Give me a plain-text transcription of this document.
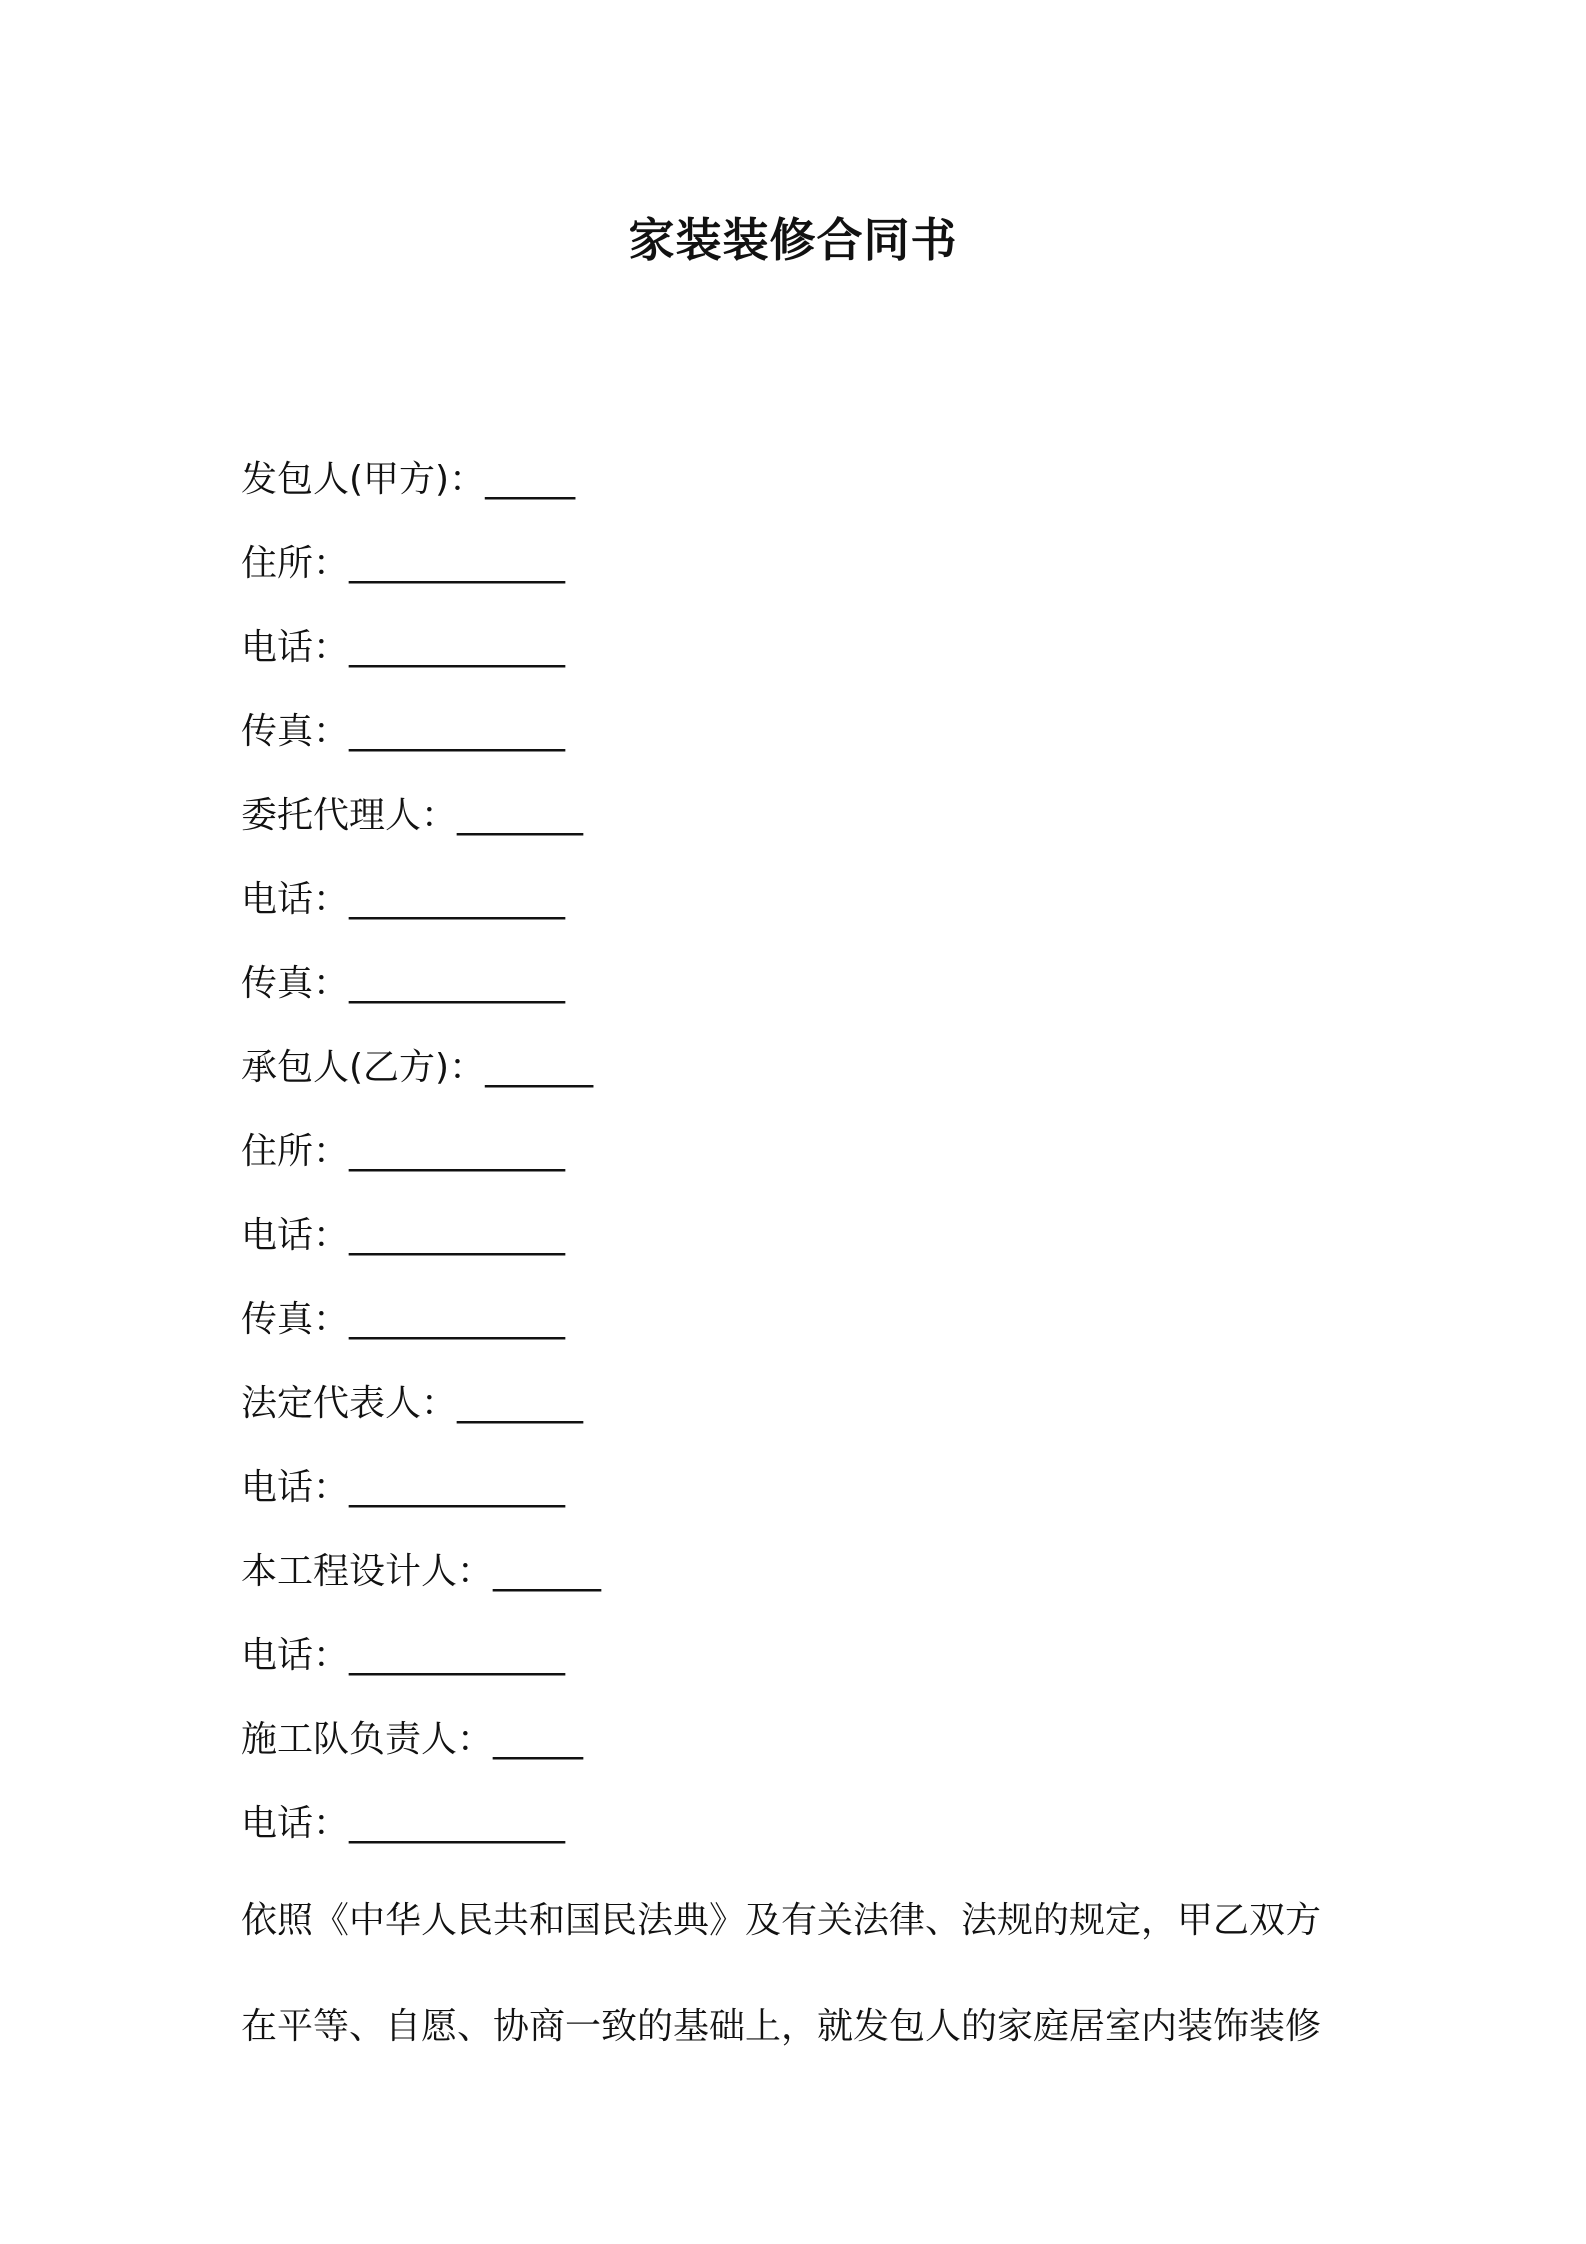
家装装修合同书
发包人(甲方)：_____
住所：____________
电话：____________
传真：____________
委托代理人：_______
电话：____________
传真：____________
承包人(乙方)：______
住所：____________
电话：____________
传真：____________
法定代表人：_______
电话：____________
本工程设计人：______
电话：____________
施工队负责人：_____
电话：____________

依照《中华人民共和国民法典》及有关法律、法规的规定，甲乙双方

在平等、自愿、协商一致的基础上，就发包人的家庭居室内装饰装修
